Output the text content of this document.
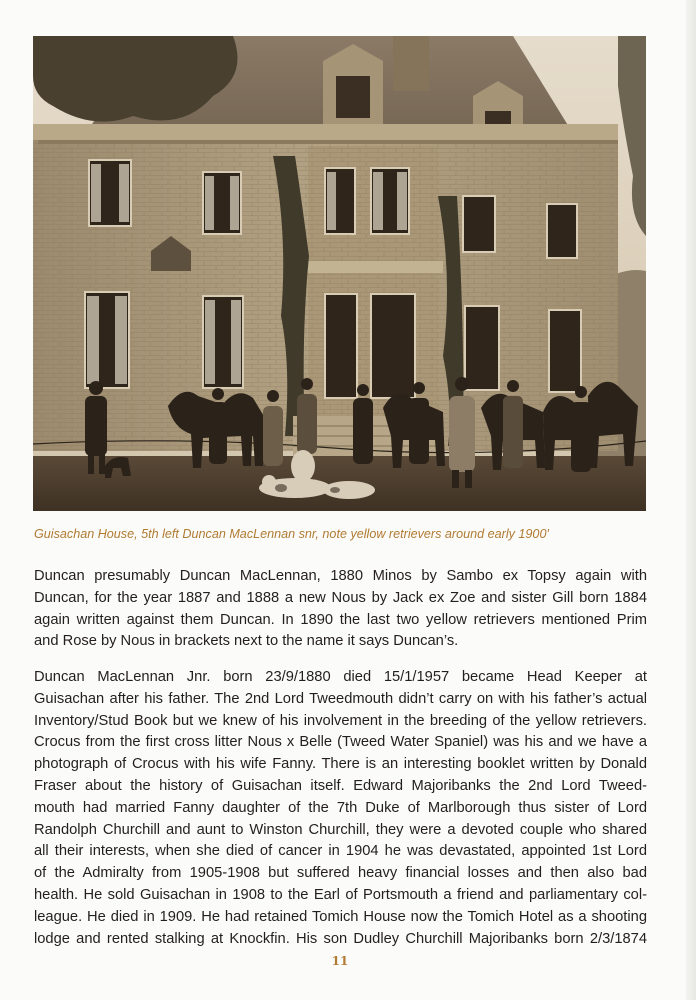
Guisachan House, 5th left Duncan MacLennan snr, note yellow retrievers around early 1900'
Duncan presumably Duncan MacLennan, 1880 Minos by Sambo ex Topsy again with
Duncan, for the year 1887 and 1888 a new Nous by Jack ex Zoe and sister Gill born 1884
again written against them Duncan. In 1890 the last two yellow retrievers mentioned Prim
and Rose by Nous in brackets next to the name it says Duncan’s.
Duncan MacLennan Jnr. born 23/9/1880 died 15/1/1957 became Head Keeper at
Guisachan after his father. The 2nd Lord Tweedmouth didn’t carry on with his father’s actual
Inventory/Stud Book but we knew of his involvement in the breeding of the yellow retrievers.
Crocus from the first cross litter Nous x Belle (Tweed Water Spaniel) was his and we have a
photograph of Crocus with his wife Fanny. There is an interesting booklet written by Donald
Fraser about the history of Guisachan itself. Edward Majoribanks the 2nd Lord Tweed-
mouth had married Fanny daughter of the 7th Duke of Marlborough thus sister of Lord
Randolph Churchill and aunt to Winston Churchill, they were a devoted couple who shared
all their interests, when she died of cancer in 1904 he was devastated, appointed 1st Lord
of the Admiralty from 1905-1908 but suffered heavy financial losses and then also bad
health. He sold Guisachan in 1908 to the Earl of Portsmouth a friend and parliamentary col-
league. He died in 1909. He had retained Tomich House now the Tomich Hotel as a shooting
lodge and rented stalking at Knockfin. His son Dudley Churchill Majoribanks born 2/3/1874
11
